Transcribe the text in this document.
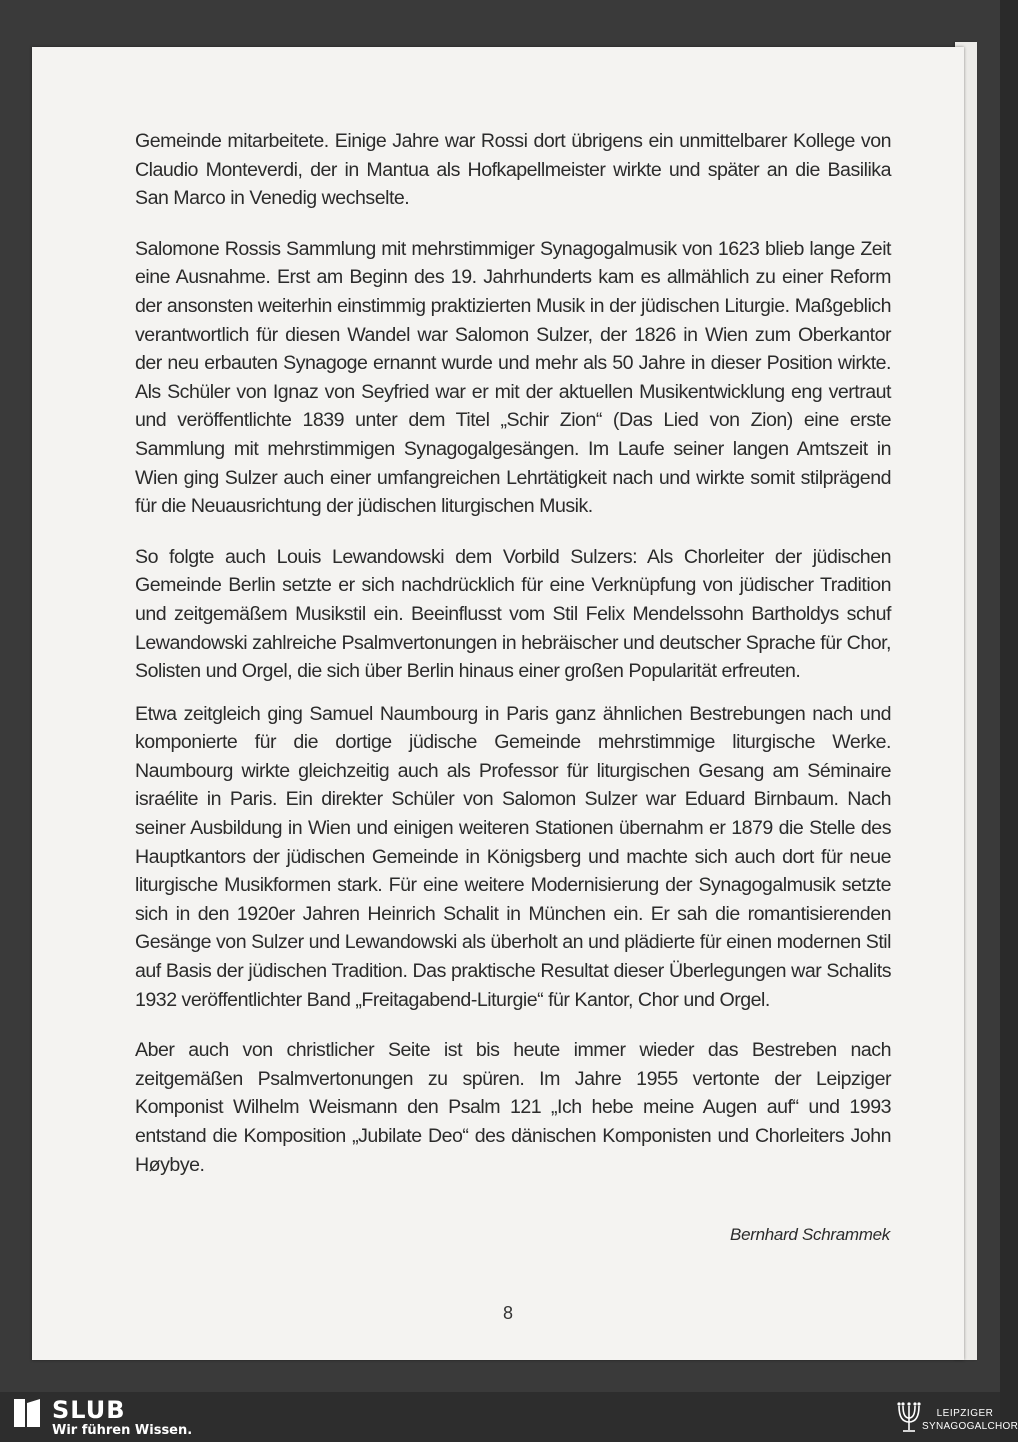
Gemeinde mitarbeitete. Einige Jahre war Rossi dort übrigens ein unmittelbarer Kollege von Claudio Monteverdi, der in Mantua als Hofkapellmeister wirkte und später an die Basilika San Marco in Venedig wechselte.

Salomone Rossis Sammlung mit mehrstimmiger Synagogalmusik von 1623 blieb lange Zeit eine Ausnahme. Erst am Beginn des 19. Jahrhunderts kam es allmählich zu einer Reform der ansonsten weiterhin einstimmig praktizierten Musik in der jüdischen Liturgie. Maßgeblich verantwortlich für diesen Wandel war Salomon Sulzer, der 1826 in Wien zum Oberkantor der neu erbauten Synagoge ernannt wurde und mehr als 50 Jahre in dieser Position wirkte. Als Schüler von Ignaz von Seyfried war er mit der aktuellen Musikentwicklung eng vertraut und veröffentlichte 1839 unter dem Titel „Schir Zion“ (Das Lied von Zion) eine erste Sammlung mit mehrstimmigen Synagogalgesängen. Im Laufe seiner langen Amtszeit in Wien ging Sulzer auch einer umfangreichen Lehrtätigkeit nach und wirkte somit stilprägend für die Neuausrichtung der jüdischen liturgischen Musik.

So folgte auch Louis Lewandowski dem Vorbild Sulzers: Als Chorleiter der jüdischen Gemeinde Berlin setzte er sich nachdrücklich für eine Verknüpfung von jüdischer Tradition und zeitgemäßem Musikstil ein. Beeinflusst vom Stil Felix Mendelssohn Bartholdys schuf Lewandowski zahlreiche Psalmvertonungen in hebräischer und deutscher Sprache für Chor, Solisten und Orgel, die sich über Berlin hinaus einer großen Popularität erfreuten.

Etwa zeitgleich ging Samuel Naumbourg in Paris ganz ähnlichen Bestrebungen nach und komponierte für die dortige jüdische Gemeinde mehrstimmige liturgische Werke. Naumbourg wirkte gleichzeitig auch als Professor für liturgischen Gesang am Séminaire israélite in Paris. Ein direkter Schüler von Salomon Sulzer war Eduard Birnbaum. Nach seiner Ausbildung in Wien und einigen weiteren Stationen übernahm er 1879 die Stelle des Hauptkantors der jüdischen Gemeinde in Königsberg und machte sich auch dort für neue liturgische Musikformen stark. Für eine weitere Modernisierung der Synagogalmusik setzte sich in den 1920er Jahren Heinrich Schalit in München ein. Er sah die romantisierenden Gesänge von Sulzer und Lewandowski als überholt an und plädierte für einen modernen Stil auf Basis der jüdischen Tradition. Das praktische Resultat dieser Überlegungen war Schalits 1932 veröffentlichter Band „Freitagabend-Liturgie“ für Kantor, Chor und Orgel.

Aber auch von christlicher Seite ist bis heute immer wieder das Bestreben nach zeitgemäßen Psalmvertonungen zu spüren. Im Jahre 1955 vertonte der Leipziger Komponist Wilhelm Weismann den Psalm 121 „Ich hebe meine Augen auf“ und 1993 entstand die Komposition „Jubilate Deo“ des dänischen Komponisten und Chorleiters John Høybye.

Bernhard Schrammek
8
SLUB
Wir führen Wissen.
LEIPZIGER
SYNAGOGALCHOR
